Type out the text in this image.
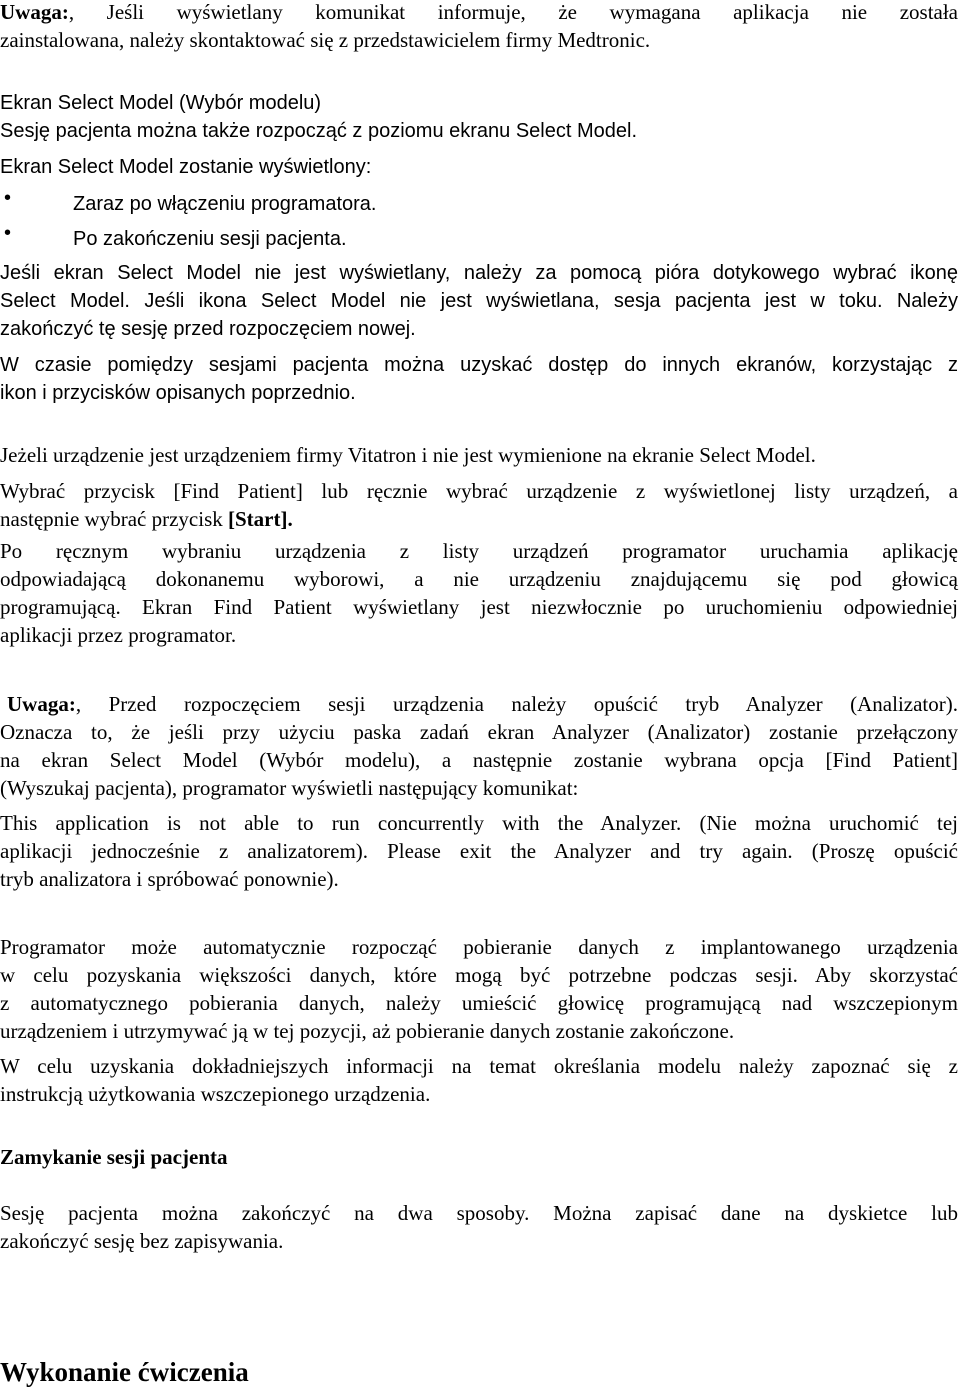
Uwaga:, Jeśli wyświetlany komunikat informuje, że wymagana aplikacja nie została
zainstalowana, należy skontaktować się z przedstawicielem firmy Medtronic.
Ekran Select Model (Wybór modelu)
Sesję pacjenta można także rozpocząć z poziomu ekranu Select Model.
Ekran Select Model zostanie wyświetlony:
•	Zaraz po włączeniu programatora.
•	Po zakończeniu sesji pacjenta.
Jeśli ekran Select Model nie jest wyświetlany, należy za pomocą pióra dotykowego wybrać ikonę
Select Model. Jeśli ikona Select Model nie jest wyświetlana, sesja pacjenta jest w toku. Należy
zakończyć tę sesję przed rozpoczęciem nowej.
W czasie pomiędzy sesjami pacjenta można uzyskać dostęp do innych ekranów, korzystając z
ikon i przycisków opisanych poprzednio.
Jeżeli urządzenie jest urządzeniem firmy Vitatron i nie jest wymienione na ekranie Select Model.
Wybrać przycisk [Find Patient] lub ręcznie wybrać urządzenie z wyświetlonej listy urządzeń, a
następnie wybrać przycisk [Start].
Po ręcznym wybraniu urządzenia z listy urządzeń programator uruchamia aplikację
odpowiadającą dokonanemu wyborowi, a nie urządzeniu znajdującemu się pod głowicą
programującą. Ekran Find Patient wyświetlany jest niezwłocznie po uruchomieniu odpowiedniej
aplikacji przez programator.
Uwaga:, Przed rozpoczęciem sesji urządzenia należy opuścić tryb Analyzer (Analizator).
Oznacza to, że jeśli przy użyciu paska zadań ekran Analyzer (Analizator) zostanie przełączony
na ekran Select Model (Wybór modelu), a następnie zostanie wybrana opcja [Find Patient]
(Wyszukaj pacjenta), programator wyświetli następujący komunikat:
This application is not able to run concurrently with the Analyzer. (Nie można uruchomić tej
aplikacji jednocześnie z analizatorem). Please exit the Analyzer and try again. (Proszę opuścić
tryb analizatora i spróbować ponownie).
Programator może automatycznie rozpocząć pobieranie danych z implantowanego urządzenia
w celu pozyskania większości danych, które mogą być potrzebne podczas sesji. Aby skorzystać
z automatycznego pobierania danych, należy umieścić głowicę programującą nad wszczepionym
urządzeniem i utrzymywać ją w tej pozycji, aż pobieranie danych zostanie zakończone.
W celu uzyskania dokładniejszych informacji na temat określania modelu należy zapoznać się z
instrukcją użytkowania wszczepionego urządzenia.
Zamykanie sesji pacjenta
Sesję pacjenta można zakończyć na dwa sposoby. Można zapisać dane na dyskietce lub
zakończyć sesję bez zapisywania.
Wykonanie ćwiczenia
